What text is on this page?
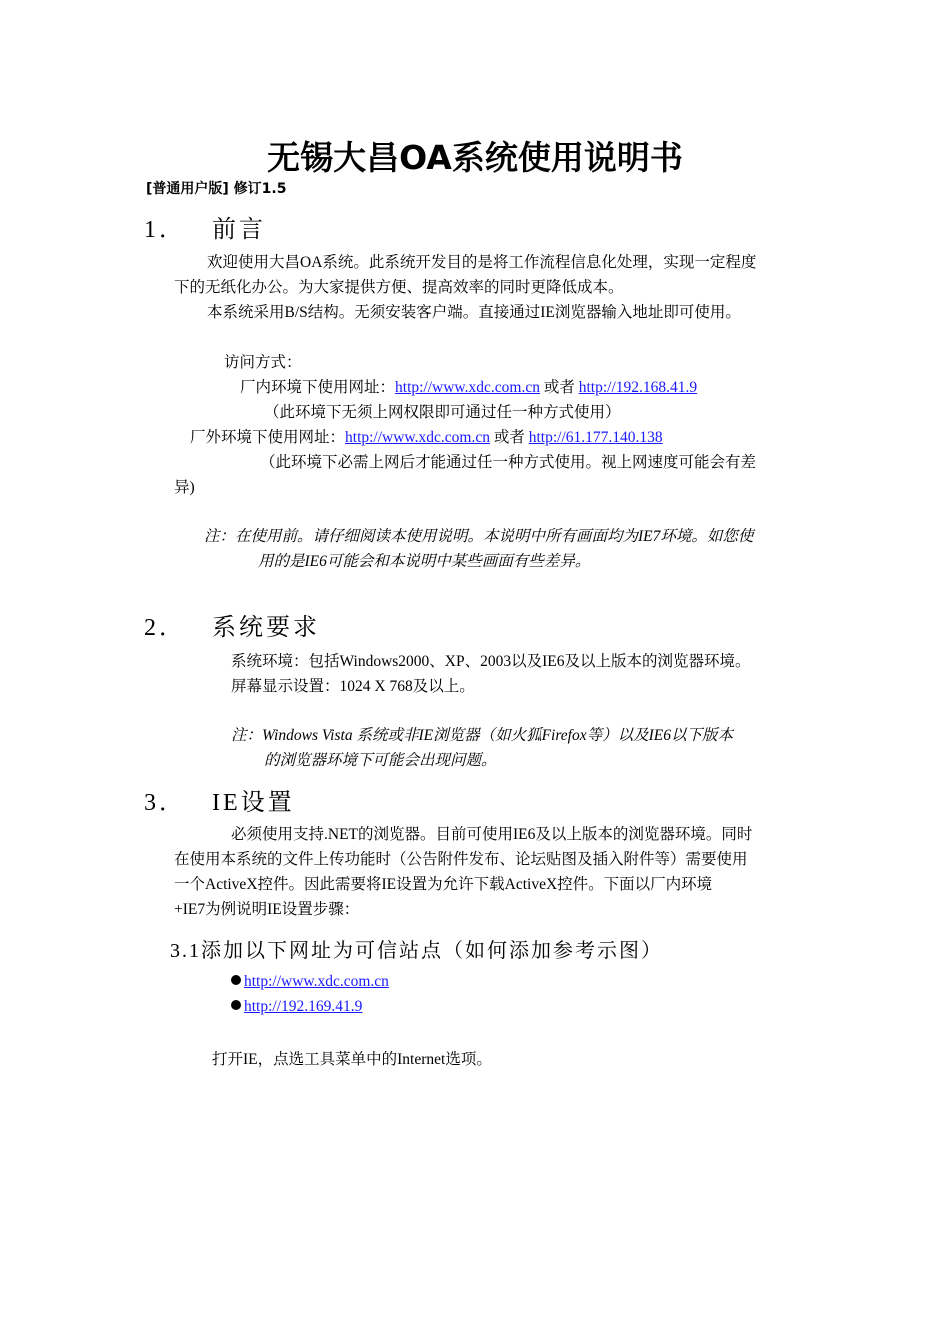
无锡大昌OA系统使用说明书
[普通用户版] 修订1.5
1． 前言
欢迎使用大昌OA系统。此系统开发目的是将工作流程信息化处理，实现一定程度
下的无纸化办公。为大家提供方便、提高效率的同时更降低成本。
本系统采用B/S结构。无须安装客户端。直接通过IE浏览器输入地址即可使用。
访问方式：
厂内环境下使用网址：http://www.xdc.com.cn 或者 http://192.168.41.9
（此环境下无须上网权限即可通过任一种方式使用）
厂外环境下使用网址：http://www.xdc.com.cn 或者 http://61.177.140.138
（此环境下必需上网后才能通过任一种方式使用。视上网速度可能会有差
异)
注：在使用前。请仔细阅读本使用说明。本说明中所有画面均为IE7环境。如您使
用的是IE6可能会和本说明中某些画面有些差异。
2． 系统要求
系统环境：包括Windows2000、XP、2003以及IE6及以上版本的浏览器环境。
屏幕显示设置：1024 X 768及以上。
注：Windows Vista 系统或非IE浏览器（如火狐Firefox等）以及IE6以下版本
的浏览器环境下可能会出现问题。
3． IE设置
必须使用支持.NET的浏览器。目前可使用IE6及以上版本的浏览器环境。同时
在使用本系统的文件上传功能时（公告附件发布、论坛贴图及插入附件等）需要使用
一个ActiveX控件。因此需要将IE设置为允许下载ActiveX控件。下面以厂内环境
+IE7为例说明IE设置步骤：
3.1添加以下网址为可信站点（如何添加参考示图）
http://www.xdc.com.cn
http://192.169.41.9
打开IE，点选工具菜单中的Internet选项。
